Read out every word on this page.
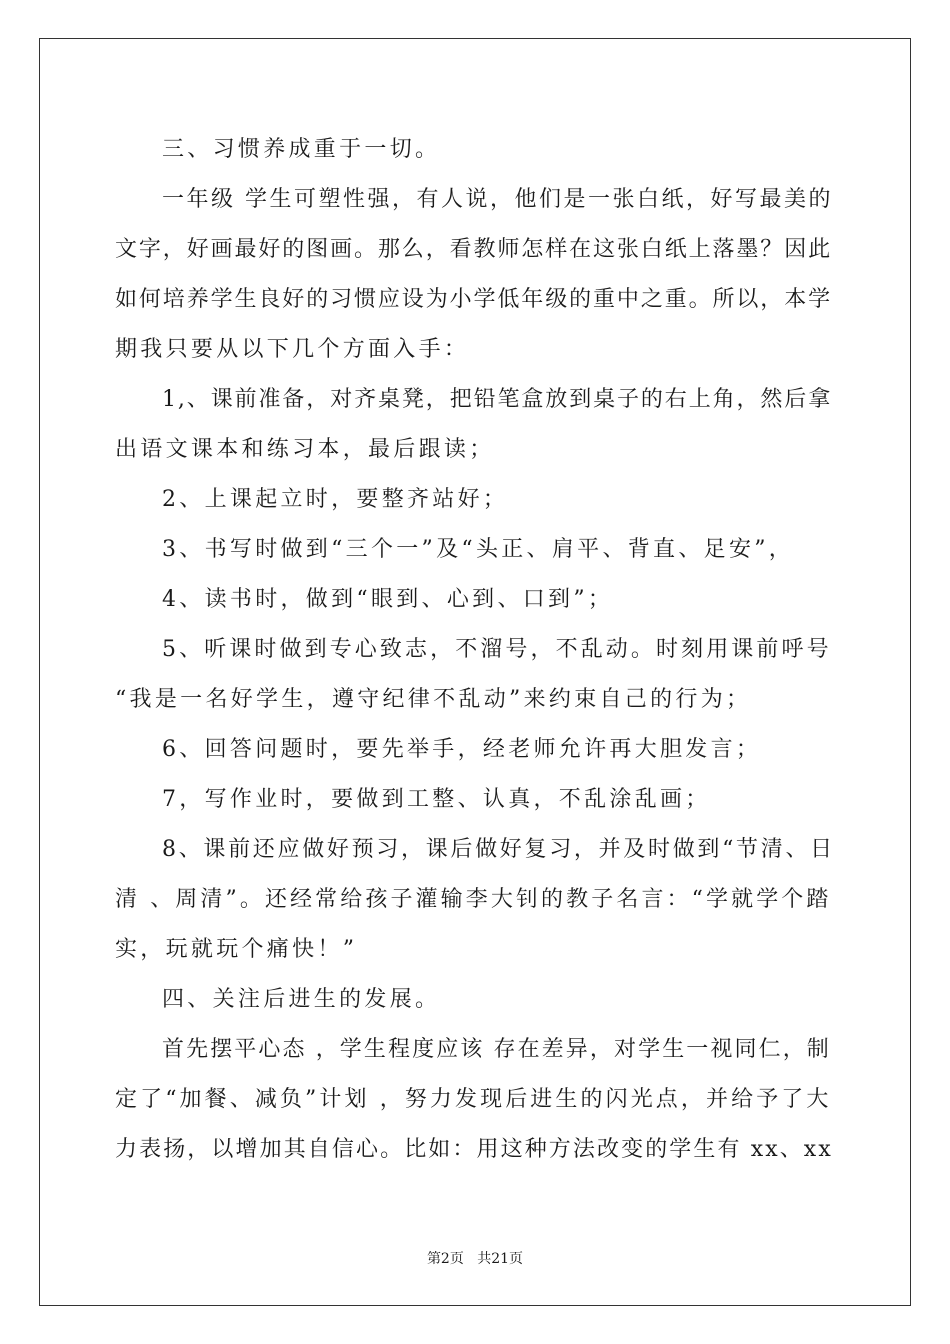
三、习惯养成重于一切。

一年级 学生可塑性强，有人说，他们是一张白纸，好写最美的

文字，好画最好的图画。那么，看教师怎样在这张白纸上落墨？因此

如何培养学生良好的习惯应设为小学低年级的重中之重。所以，本学

期我只要从以下几个方面入手：

1,、课前准备，对齐桌凳，把铅笔盒放到桌子的右上角，然后拿

出语文课本和练习本，最后跟读；

2、上课起立时，要整齐站好；

3、书写时做到“三个一”及“头正、肩平、背直、足安”，

4、读书时，做到“眼到、心到、口到”；

5、听课时做到专心致志，不溜号，不乱动。时刻用课前呼号

“我是一名好学生，遵守纪律不乱动”来约束自己的行为；

6、回答问题时，要先举手，经老师允许再大胆发言；

7，写作业时，要做到工整、认真，不乱涂乱画；

8、课前还应做好预习，课后做好复习，并及时做到“节清、日

清 、周清”。还经常给孩子灌输李大钊的教子名言：“学就学个踏

实，玩就玩个痛快！”

四、关注后进生的发展。

首先摆平心态 ，学生程度应该 存在差异，对学生一视同仁，制

定了“加餐、减负”计划 ，努力发现后进生的闪光点，并给予了大

力表扬，以增加其自信心。比如：用这种方法改变的学生有 xx、xx

第2页 共21页
